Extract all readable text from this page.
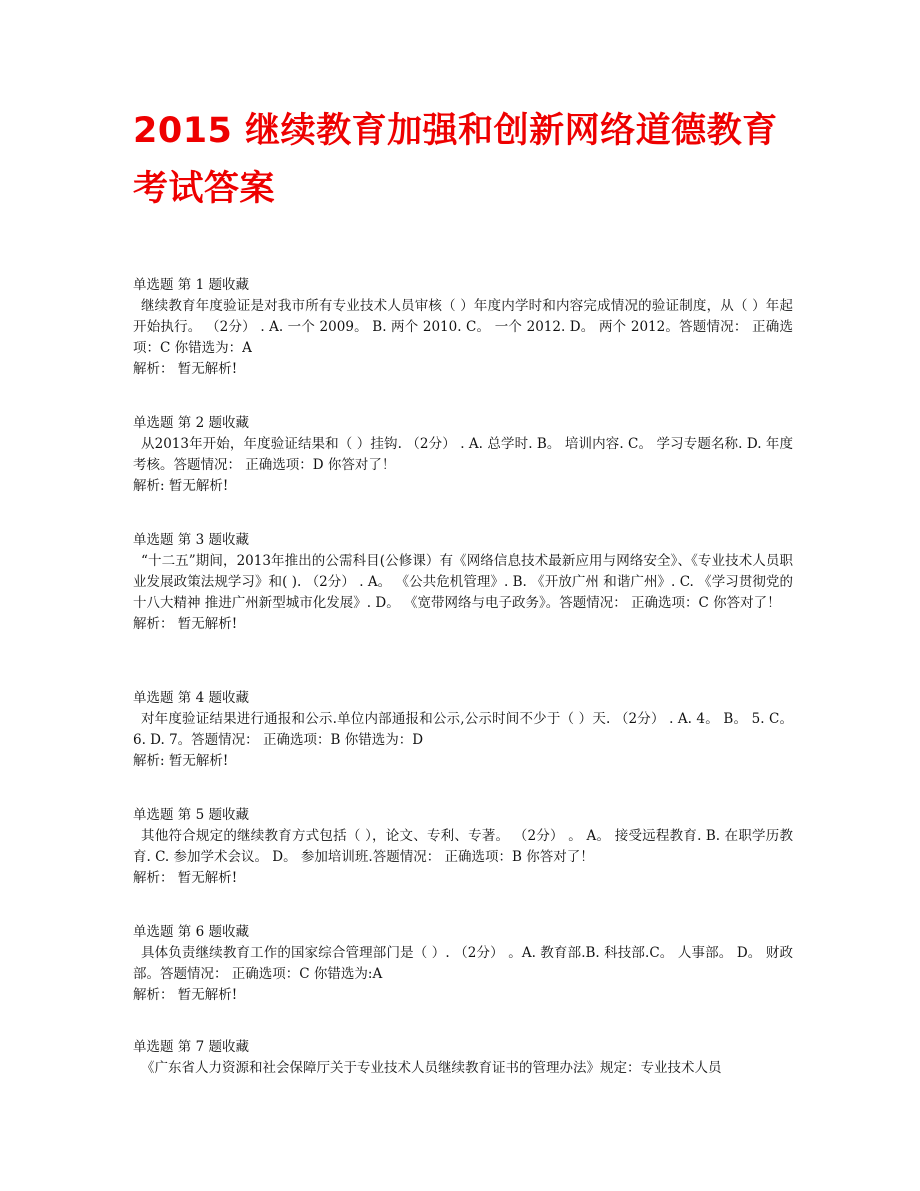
2015 继续教育加强和创新网络道德教育考试答案
单选题 第 1 题收藏
继续教育年度验证是对我市所有专业技术人员审核（ ）年度内学时和内容完成情况的验证制度，从（ ）年起开始执行。 （2分） . A. 一个 2009。 B. 两个 2010. C。 一个 2012. D。 两个 2012。答题情况： 正确选项：C 你错选为：A
解析： 暂无解析!
单选题 第 2 题收藏
从2013年开始，年度验证结果和（ ）挂钩. （2分） . A. 总学时. B。 培训内容. C。 学习专题名称. D. 年度考核。答题情况： 正确选项：D 你答对了！
解析: 暂无解析!
单选题 第 3 题收藏
“十二五”期间，2013年推出的公需科目(公修课）有《网络信息技术最新应用与网络安全》、《专业技术人员职业发展政策法规学习》和( ). （2分） . A。 《公共危机管理》. B. 《开放广州 和谐广州》. C. 《学习贯彻党的十八大精神 推进广州新型城市化发展》. D。 《宽带网络与电子政务》。答题情况： 正确选项：C 你答对了！
解析： 暂无解析!
单选题 第 4 题收藏
对年度验证结果进行通报和公示.单位内部通报和公示,公示时间不少于（ ）天. （2分） . A. 4。 B。 5. C。 6. D. 7。答题情况： 正确选项：B 你错选为：D
解析: 暂无解析!
单选题 第 5 题收藏
其他符合规定的继续教育方式包括（ ），论文、专利、专著。 （2分） 。 A。 接受远程教育. B. 在职学历教育. C. 参加学术会议。 D。 参加培训班.答题情况： 正确选项：B 你答对了！
解析： 暂无解析!
单选题 第 6 题收藏
具体负责继续教育工作的国家综合管理部门是（ ）. （2分） 。A. 教育部.B. 科技部.C。 人事部。 D。 财政部。答题情况： 正确选项：C 你错选为:A
解析： 暂无解析!
单选题 第 7 题收藏
《广东省人力资源和社会保障厅关于专业技术人员继续教育证书的管理办法》规定：专业技术人员
